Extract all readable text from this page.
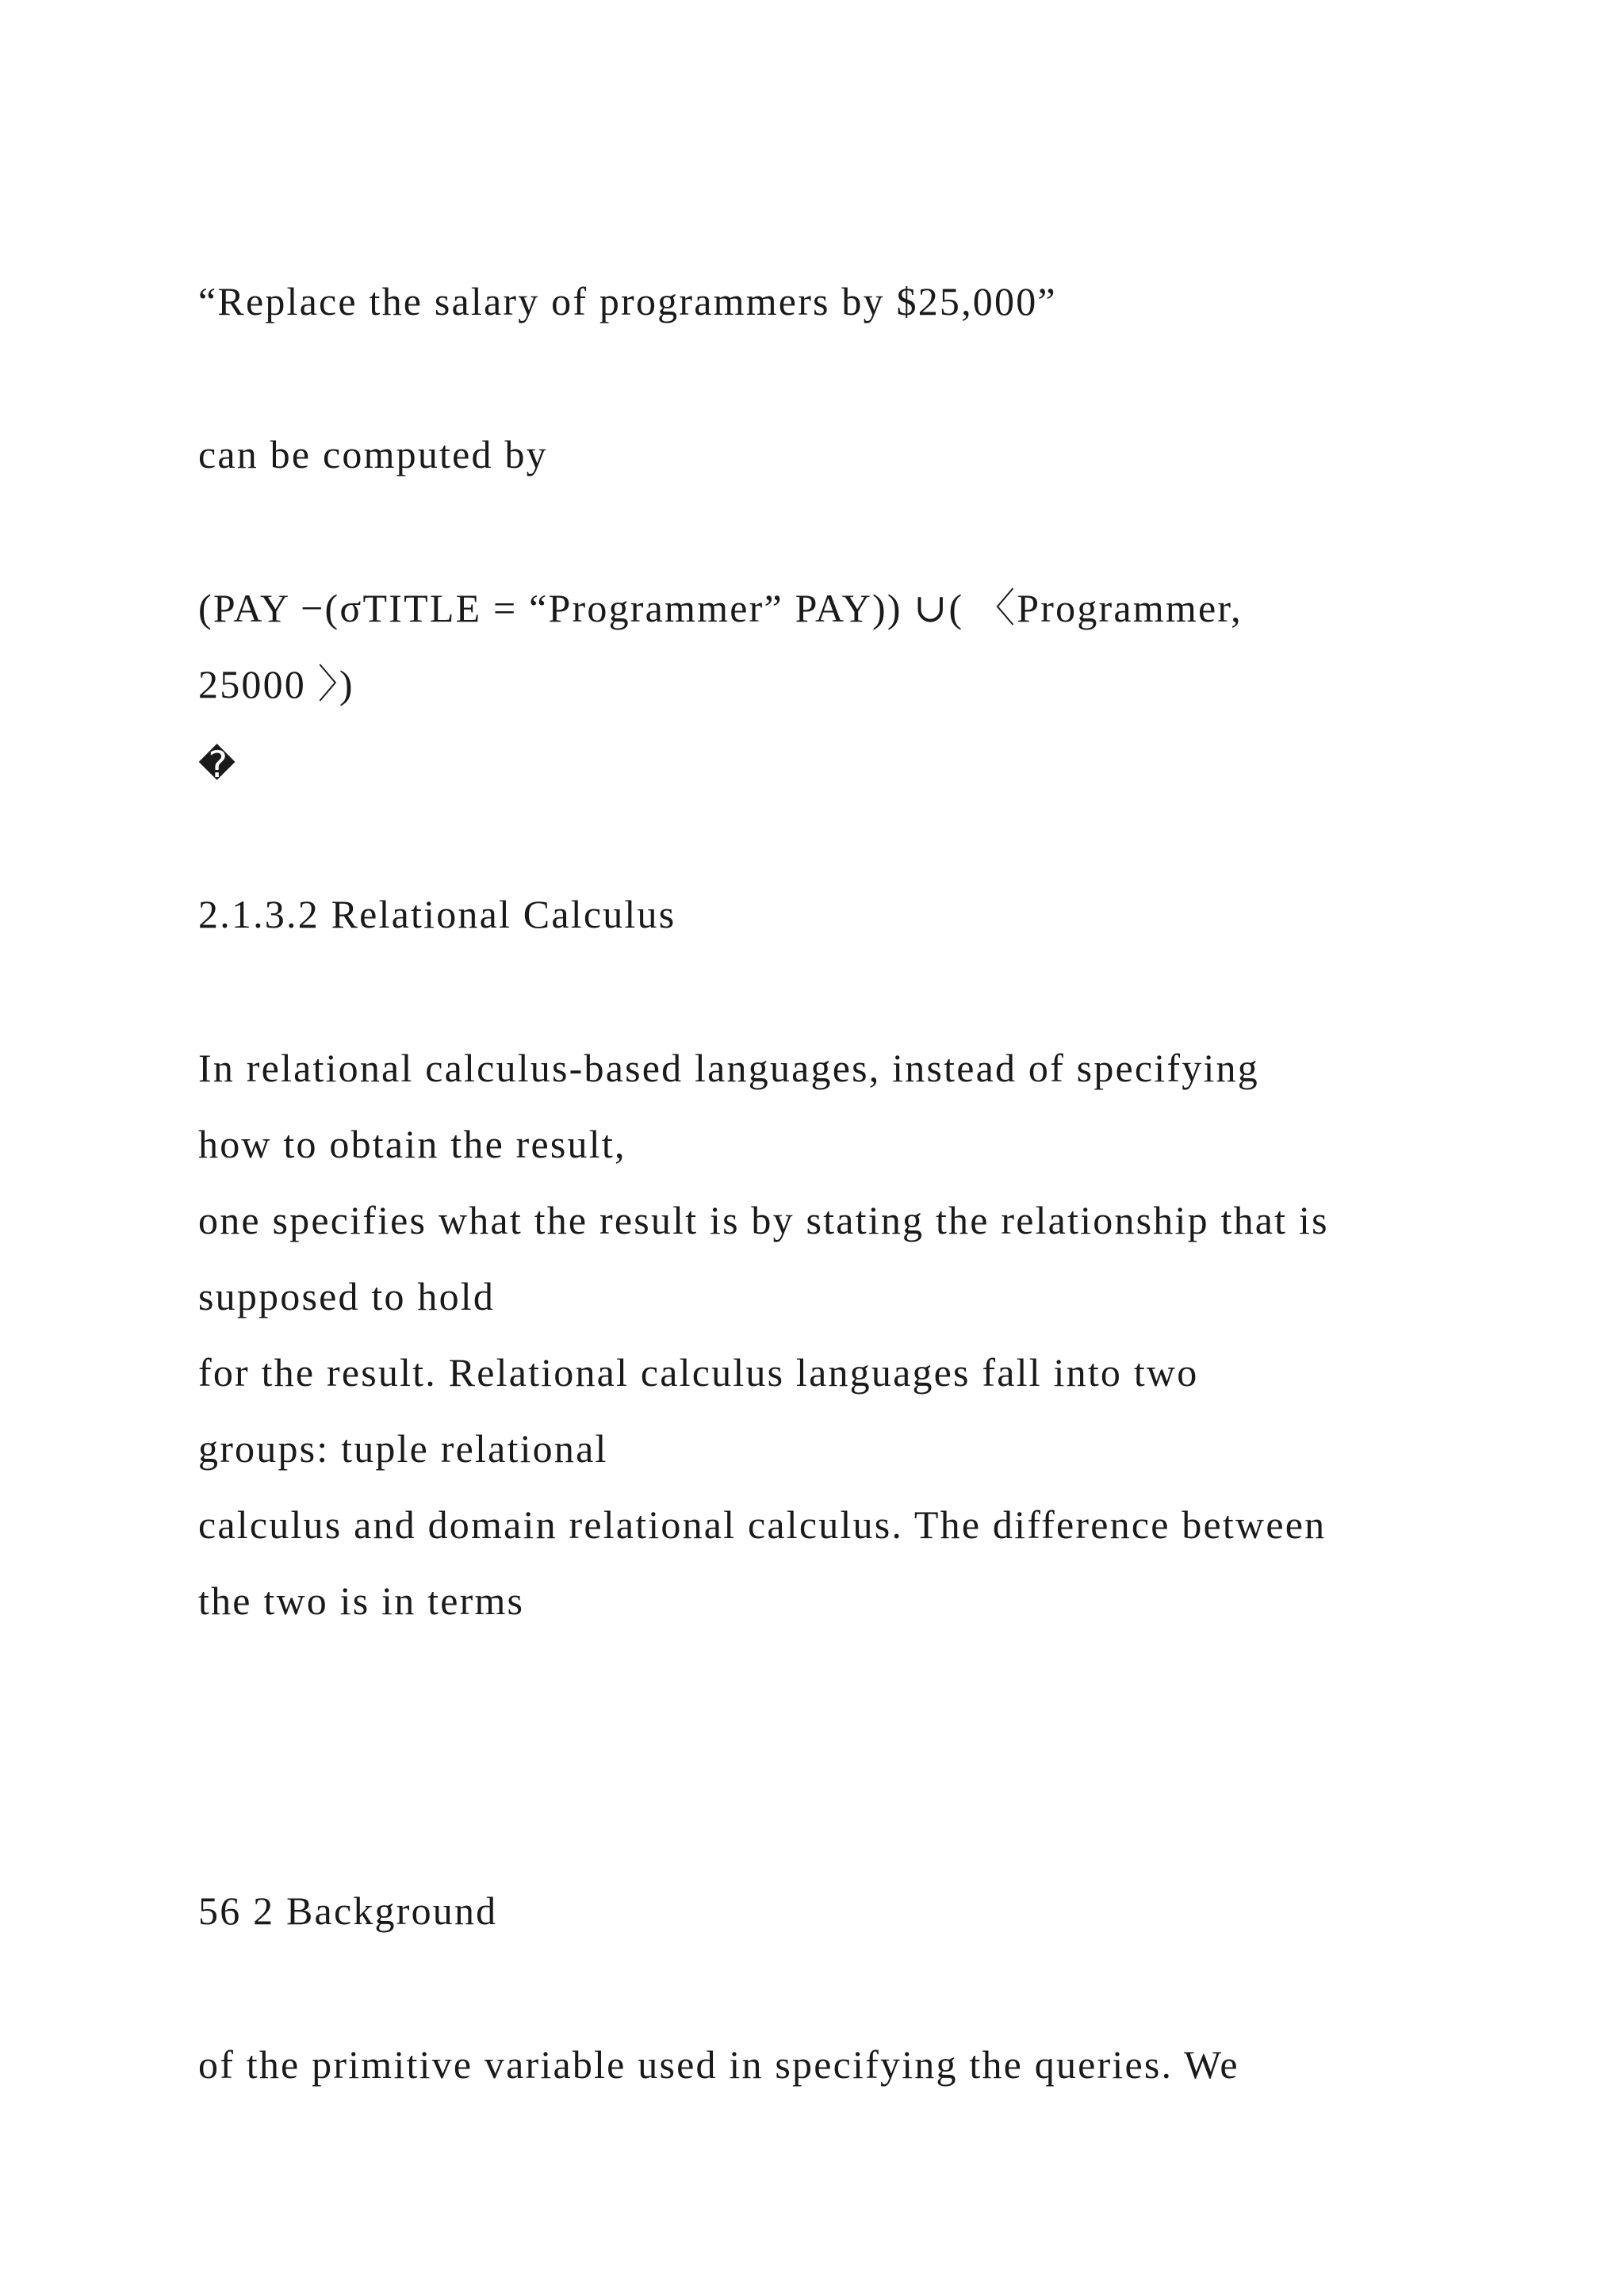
“Replace the salary of programmers by $25,000”

can be computed by

(PAY −(σTITLE = “Programmer” PAY)) ∪( 〈Programmer,

25000 〉)

�

2.1.3.2 Relational Calculus

In relational calculus-based languages, instead of specifying

how to obtain the result,

one specifies what the result is by stating the relationship that is

supposed to hold

for the result. Relational calculus languages fall into two

groups: tuple relational

calculus and domain relational calculus. The difference between

the two is in terms

56 2 Background

of the primitive variable used in specifying the queries. We
